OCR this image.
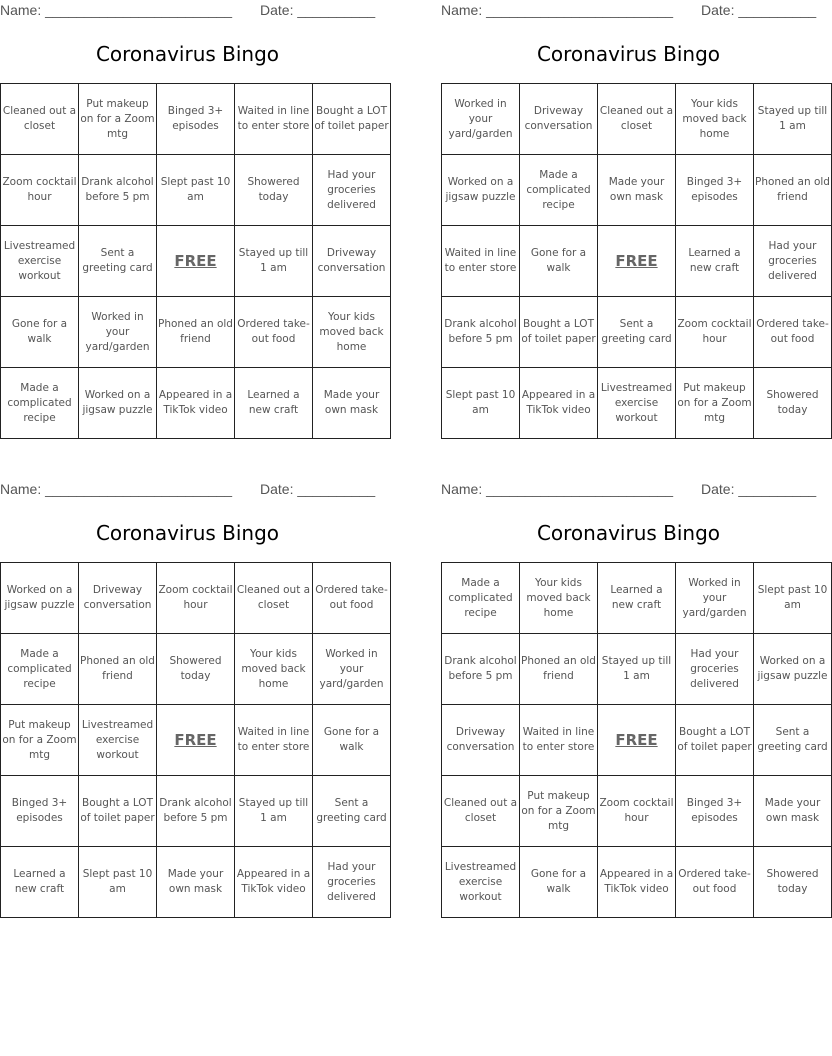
Name: ________________________ Date: __________
Coronavirus Bingo
Cleaned out a closet	Put makeup on for a Zoom mtg	Binged 3+ episodes	Waited in line to enter store	Bought a LOT of toilet paper
Zoom cocktail hour	Drank alcohol before 5 pm	Slept past 10 am	Showered today	Had your groceries delivered
Livestreamed exercise workout	Sent a greeting card	FREE	Stayed up till 1 am	Driveway conversation
Gone for a walk	Worked in your yard/garden	Phoned an old friend	Ordered take-out food	Your kids moved back home
Made a complicated recipe	Worked on a jigsaw puzzle	Appeared in a TikTok video	Learned a new craft	Made your own mask
Name: ________________________ Date: __________
Coronavirus Bingo
Worked in your yard/garden	Driveway conversation	Cleaned out a closet	Your kids moved back home	Stayed up till 1 am
Worked on a jigsaw puzzle	Made a complicated recipe	Made your own mask	Binged 3+ episodes	Phoned an old friend
Waited in line to enter store	Gone for a walk	FREE	Learned a new craft	Had your groceries delivered
Drank alcohol before 5 pm	Bought a LOT of toilet paper	Sent a greeting card	Zoom cocktail hour	Ordered take-out food
Slept past 10 am	Appeared in a TikTok video	Livestreamed exercise workout	Put makeup on for a Zoom mtg	Showered today
Name: ________________________ Date: __________
Coronavirus Bingo
Worked on a jigsaw puzzle	Driveway conversation	Zoom cocktail hour	Cleaned out a closet	Ordered take-out food
Made a complicated recipe	Phoned an old friend	Showered today	Your kids moved back home	Worked in your yard/garden
Put makeup on for a Zoom mtg	Livestreamed exercise workout	FREE	Waited in line to enter store	Gone for a walk
Binged 3+ episodes	Bought a LOT of toilet paper	Drank alcohol before 5 pm	Stayed up till 1 am	Sent a greeting card
Learned a new craft	Slept past 10 am	Made your own mask	Appeared in a TikTok video	Had your groceries delivered
Name: ________________________ Date: __________
Coronavirus Bingo
Made a complicated recipe	Your kids moved back home	Learned a new craft	Worked in your yard/garden	Slept past 10 am
Drank alcohol before 5 pm	Phoned an old friend	Stayed up till 1 am	Had your groceries delivered	Worked on a jigsaw puzzle
Driveway conversation	Waited in line to enter store	FREE	Bought a LOT of toilet paper	Sent a greeting card
Cleaned out a closet	Put makeup on for a Zoom mtg	Zoom cocktail hour	Binged 3+ episodes	Made your own mask
Livestreamed exercise workout	Gone for a walk	Appeared in a TikTok video	Ordered take-out food	Showered today
